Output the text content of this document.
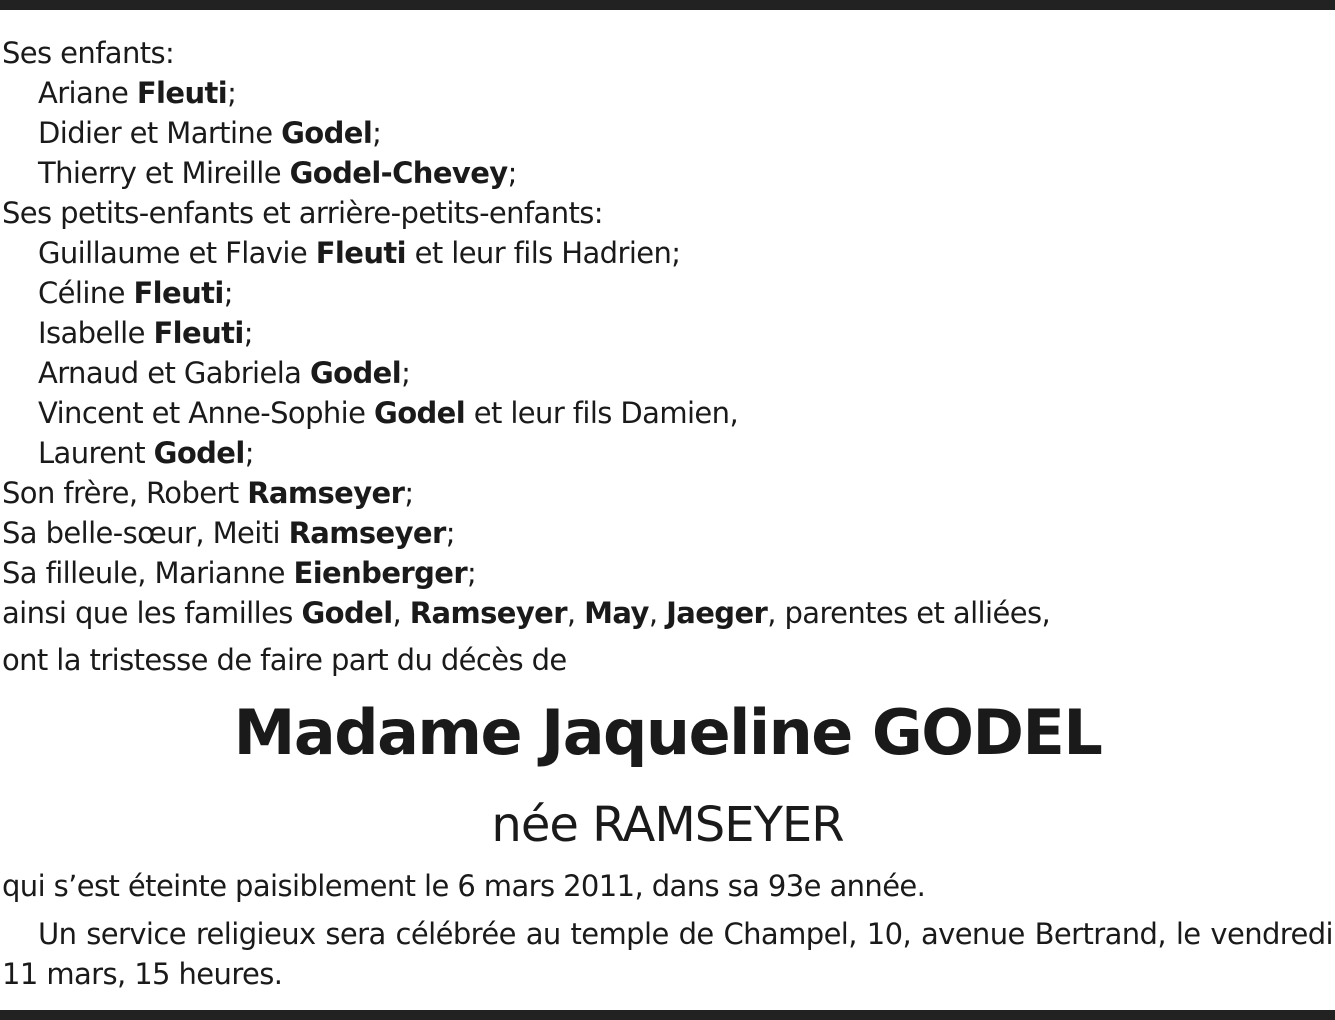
Ses enfants:
Ariane Fleuti;
Didier et Martine Godel;
Thierry et Mireille Godel-Chevey;
Ses petits-enfants et arrière-petits-enfants:
Guillaume et Flavie Fleuti et leur fils Hadrien;
Céline Fleuti;
Isabelle Fleuti;
Arnaud et Gabriela Godel;
Vincent et Anne-Sophie Godel et leur fils Damien,
Laurent Godel;
Son frère, Robert Ramseyer;
Sa belle-sœur, Meiti Ramseyer;
Sa filleule, Marianne Eienberger;
ainsi que les familles Godel, Ramseyer, May, Jaeger, parentes et alliées,
ont la tristesse de faire part du décès de
Madame Jaqueline GODEL
née RAMSEYER
qui s’est éteinte paisiblement le 6 mars 2011, dans sa 93e année.
Un service religieux sera célébrée au temple de Champel, 10, avenue Bertrand, le vendredi 11 mars, 15 heures.
